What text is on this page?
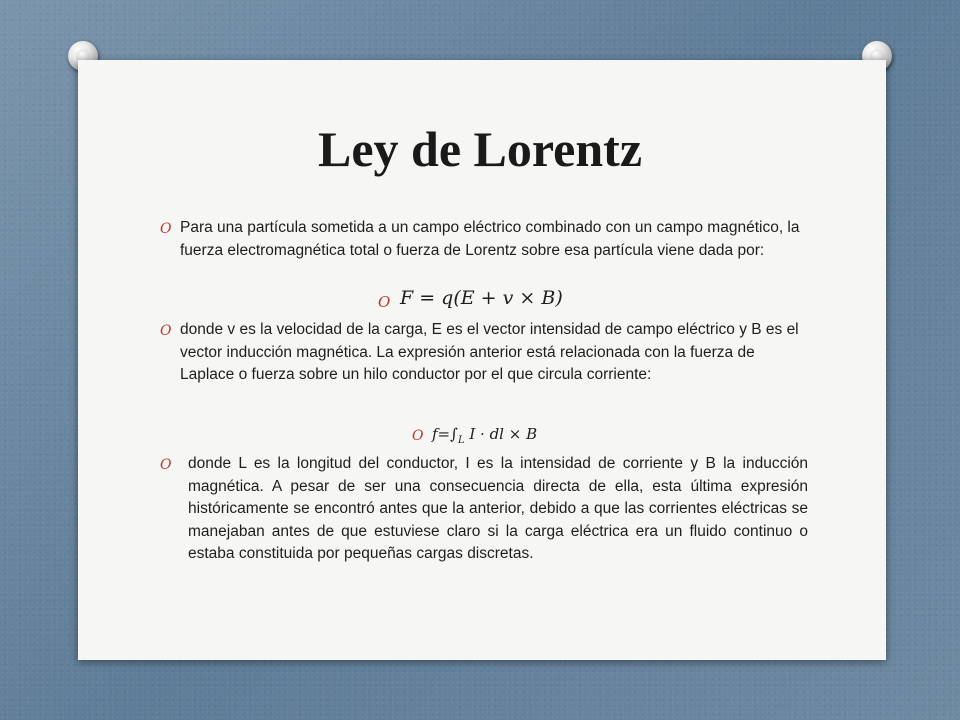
Ley de Lorentz
O Para una partícula sometida a un campo eléctrico combinado con un campo magnético, la fuerza electromagnética total o fuerza de Lorentz sobre esa partícula viene dada por:
O F = q(E + v × B)
O donde v es la velocidad de la carga, E es el vector intensidad de campo eléctrico y B es el vector inducción magnética. La expresión anterior está relacionada con la fuerza de Laplace o fuerza sobre un hilo conductor por el que circula corriente:
O $f=\int_L$ I · dl × B
O donde L es la longitud del conductor, I es la intensidad de corriente y B la inducción magnética. A pesar de ser una consecuencia directa de ella, esta última expresión históricamente se encontró antes que la anterior, debido a que las corrientes eléctricas se manejaban antes de que estuviese claro si la carga eléctrica era un fluido continuo o estaba constituida por pequeñas cargas discretas.
